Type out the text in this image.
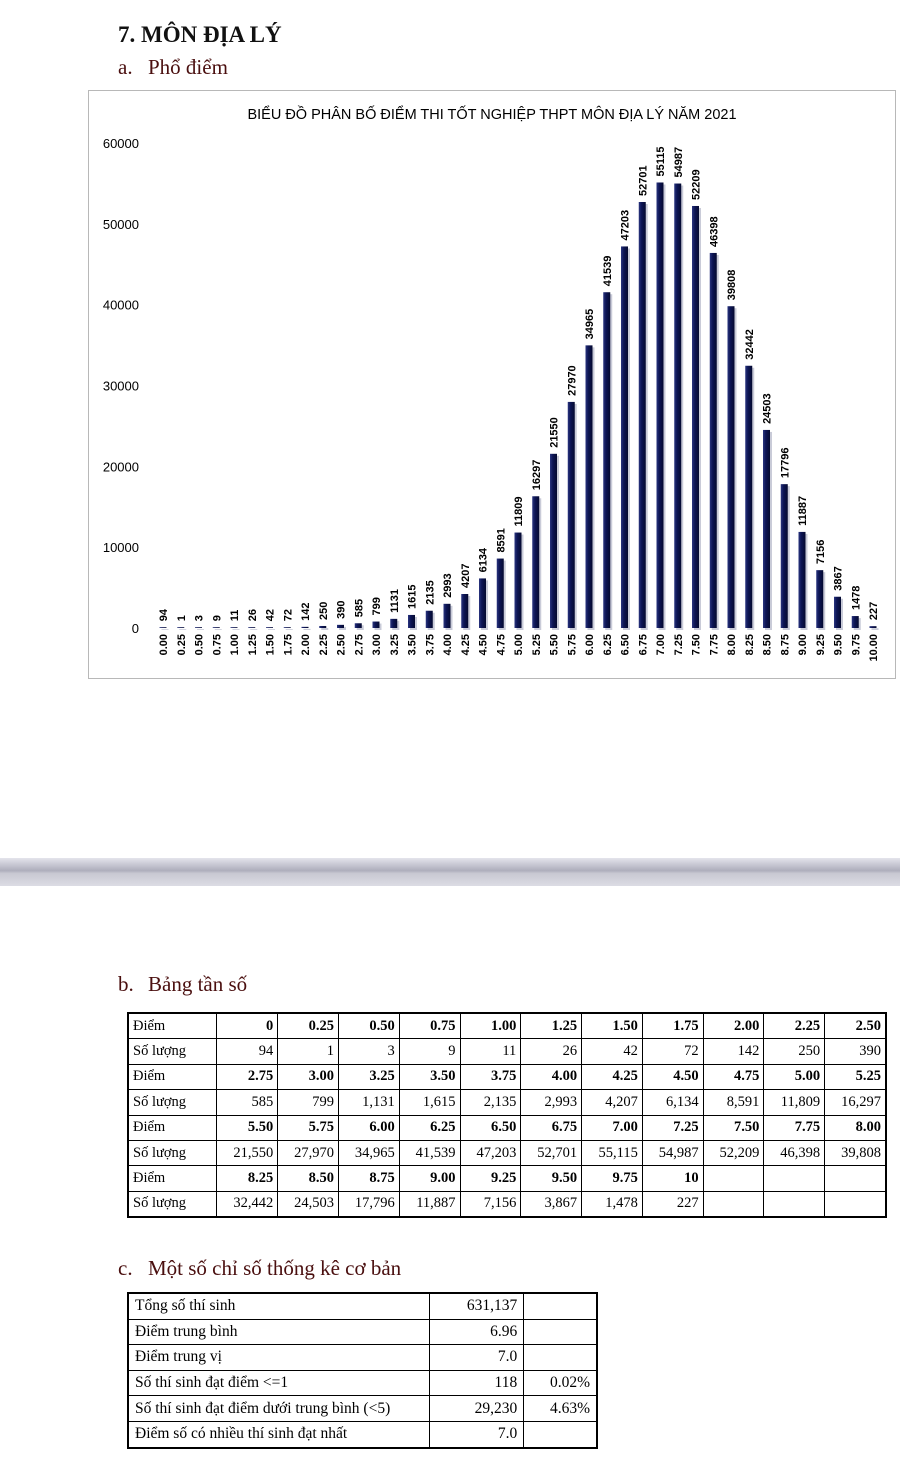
7. MÔN ĐỊA LÝ
a. Phổ điểm
BIỂU ĐỒ PHÂN BỐ ĐIỂM THI TỐT NGHIỆP THPT MÔN ĐỊA LÝ NĂM 2021
0
10000
20000
30000
40000
50000
60000
94
0.00
1
0.25
3
0.50
9
0.75
11
1.00
26
1.25
42
1.50
72
1.75
142
2.00
250
2.25
390
2.50
585
2.75
799
3.00
1131
3.25
1615
3.50
2135
3.75
2993
4.00
4207
4.25
6134
4.50
8591
4.75
11809
5.00
16297
5.25
21550
5.50
27970
5.75
34965
6.00
41539
6.25
47203
6.50
52701
6.75
55115
7.00
54987
7.25
52209
7.50
46398
7.75
39808
8.00
32442
8.25
24503
8.50
17796
8.75
11887
9.00
7156
9.25
3867
9.50
1478
9.75
227
10.00
b. Bảng tần số
Điểm	0	0.25	0.50	0.75	1.00	1.25	1.50	1.75	2.00	2.25	2.50
Số lượng	94	1	3	9	11	26	42	72	142	250	390
Điểm	2.75	3.00	3.25	3.50	3.75	4.00	4.25	4.50	4.75	5.00	5.25
Số lượng	585	799	1,131	1,615	2,135	2,993	4,207	6,134	8,591	11,809	16,297
Điểm	5.50	5.75	6.00	6.25	6.50	6.75	7.00	7.25	7.50	7.75	8.00
Số lượng	21,550	27,970	34,965	41,539	47,203	52,701	55,115	54,987	52,209	46,398	39,808
Điểm	8.25	8.50	8.75	9.00	9.25	9.50	9.75	10			
Số lượng	32,442	24,503	17,796	11,887	7,156	3,867	1,478	227			
c. Một số chỉ số thống kê cơ bản
Tổng số thí sinh	631,137	
Điểm trung bình	6.96	
Điểm trung vị	7.0	
Số thí sinh đạt điểm <=1	118	0.02%
Số thí sinh đạt điểm dưới trung bình (<5)	29,230	4.63%
Điểm số có nhiều thí sinh đạt nhất	7.0	
